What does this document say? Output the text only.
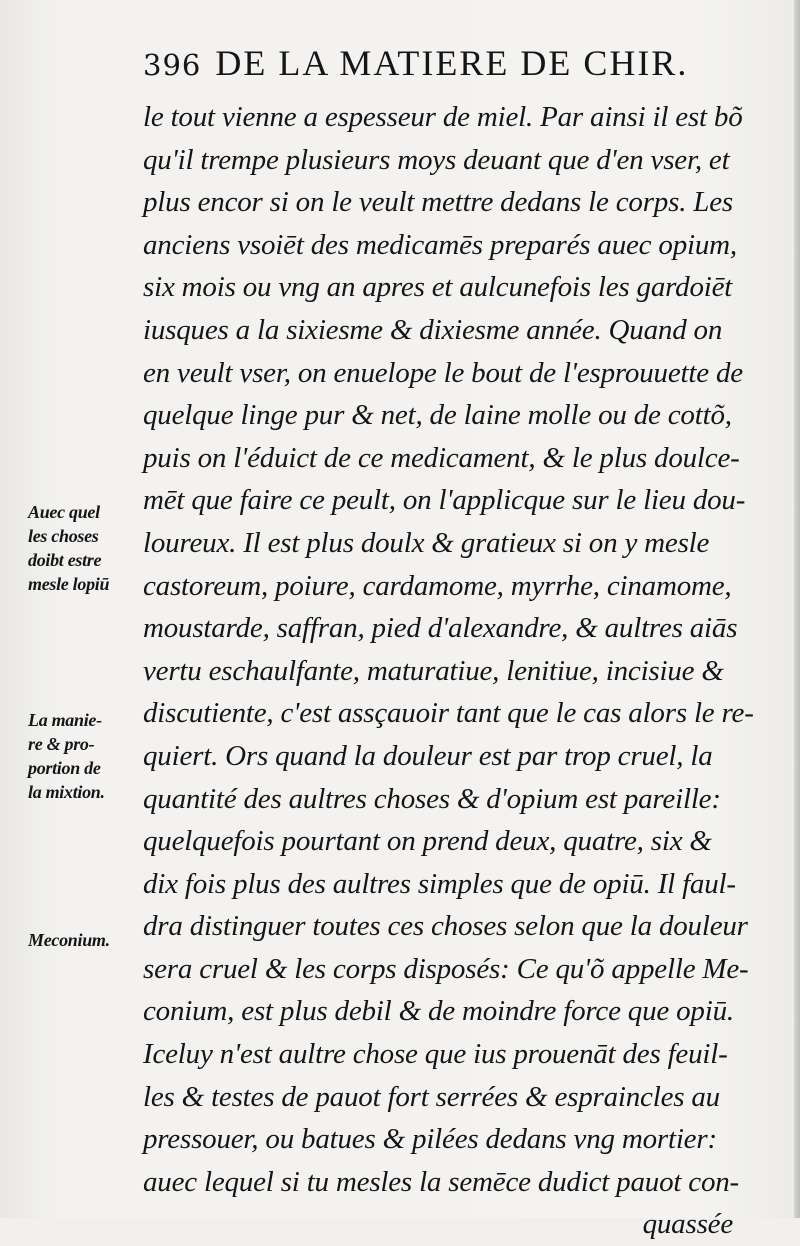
396 DE LA MATIERE DE CHIR.
le tout vienne a espesseur de miel. Par ainsi il est bõ
qu'il trempe plusieurs moys deuant que d'en vser, et
plus encor si on le veult mettre dedans le corps. Les
anciens vsoiēt des medicamēs preparés auec opium,
six mois ou vng an apres et aulcunefois les gardoiēt
iusques a la sixiesme & dixiesme année. Quand on
en veult vser, on enuelope le bout de l'esprouuette de
quelque linge pur & net, de laine molle ou de cottõ,
puis on l'éduict de ce medicament, & le plus doulce-
mēt que faire ce peult, on l'applicque sur le lieu dou-
loureux. Il est plus doulx & gratieux si on y mesle
castoreum, poiure, cardamome, myrrhe, cinamome,
moustarde, saffran, pied d'alexandre, & aultres aiās
vertu eschaulfante, maturatiue, lenitiue, incisiue &
discutiente, c'est assçauoir tant que le cas alors le re-
quiert. Ors quand la douleur est par trop cruel, la
quantité des aultres choses & d'opium est pareille:
quelquefois pourtant on prend deux, quatre, six &
dix fois plus des aultres simples que de opiū. Il faul-
dra distinguer toutes ces choses selon que la douleur
sera cruel & les corps disposés: Ce qu'õ appelle Me-
conium, est plus debil & de moindre force que opiū.
Iceluy n'est aultre chose que ius prouenāt des feuil-
les & testes de pauot fort serrées & espraincles au
pressouer, ou batues & pilées dedans vng mortier:
auec lequel si tu mesles la semēce dudict pauot con-
quassée
Auec quel
les choses
doibt estre
mesle lopiū
La manie-
re & pro-
portion de
la mixtion.
Meconium.
